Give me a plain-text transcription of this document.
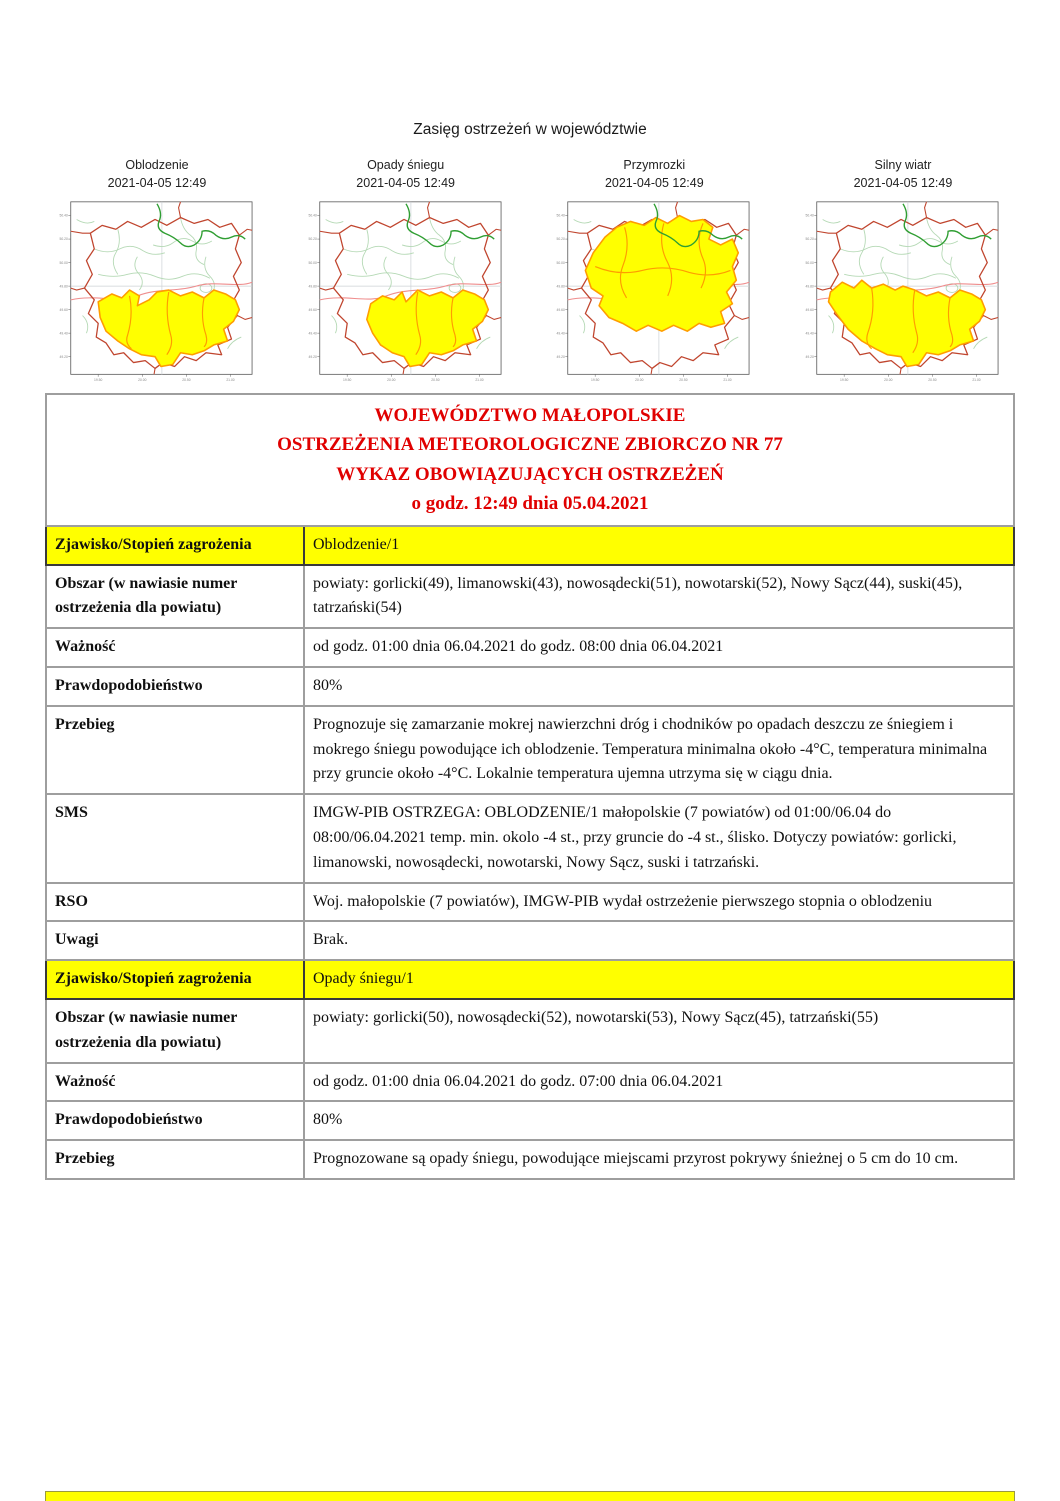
Zasięg ostrzeżeń w województwie
Oblodzenie
2021-04-05 12:49
50.40
50.20
50.00
49.80
49.60
49.40
49.20
19.50	20.00	20.50	21.00
Opady śniegu
2021-04-05 12:49
50.40
50.20
50.00
49.80
49.60
49.40
49.20
19.50	20.00	20.50	21.00
Przymrozki
2021-04-05 12:49
50.40
50.20
50.00
49.80
49.60
49.40
49.20
19.50	20.00	20.50	21.00
Silny wiatr
2021-04-05 12:49
50.40
50.20
50.00
49.80
49.60
49.40
49.20
19.50	20.00	20.50	21.00
WOJEWÓDZTWO MAŁOPOLSKIE
OSTRZEŻENIA METEOROLOGICZNE ZBIORCZO NR 77
WYKAZ OBOWIĄZUJĄCYCH OSTRZEŻEŃ
o godz. 12:49 dnia 05.04.2021	

Zjawisko/Stopień zagrożenia	Oblodzenie/1
Obszar (w nawiasie numer ostrzeżenia dla powiatu)	powiaty: gorlicki(49), limanowski(43), nowosądecki(51), nowotarski(52), Nowy Sącz(44), suski(45), tatrzański(54)
Ważność	od godz. 01:00 dnia 06.04.2021 do godz. 08:00 dnia 06.04.2021
Prawdopodobieństwo	80%
Przebieg	Prognozuje się zamarzanie mokrej nawierzchni dróg i chodników po opadach deszczu ze śniegiem i mokrego śniegu powodujące ich oblodzenie. Temperatura minimalna około -4°C, temperatura minimalna przy gruncie około -4°C. Lokalnie temperatura ujemna utrzyma się w ciągu dnia.
SMS	IMGW-PIB OSTRZEGA: OBLODZENIE/1 małopolskie (7 powiatów) od 01:00/06.04 do 08:00/06.04.2021 temp. min. okolo -4 st., przy gruncie do -4 st., ślisko. Dotyczy powiatów: gorlicki, limanowski, nowosądecki, nowotarski, Nowy Sącz, suski i tatrzański.
RSO	Woj. małopolskie (7 powiatów), IMGW-PIB wydał ostrzeżenie pierwszego stopnia o oblodzeniu
Uwagi	Brak.
Zjawisko/Stopień zagrożenia	Opady śniegu/1
Obszar (w nawiasie numer ostrzeżenia dla powiatu)	powiaty: gorlicki(50), nowosądecki(52), nowotarski(53), Nowy Sącz(45), tatrzański(55)
Ważność	od godz. 01:00 dnia 06.04.2021 do godz. 07:00 dnia 06.04.2021
Prawdopodobieństwo	80%
Przebieg	Prognozowane są opady śniegu, powodujące miejscami przyrost pokrywy śnieżnej o 5 cm do 10 cm.
